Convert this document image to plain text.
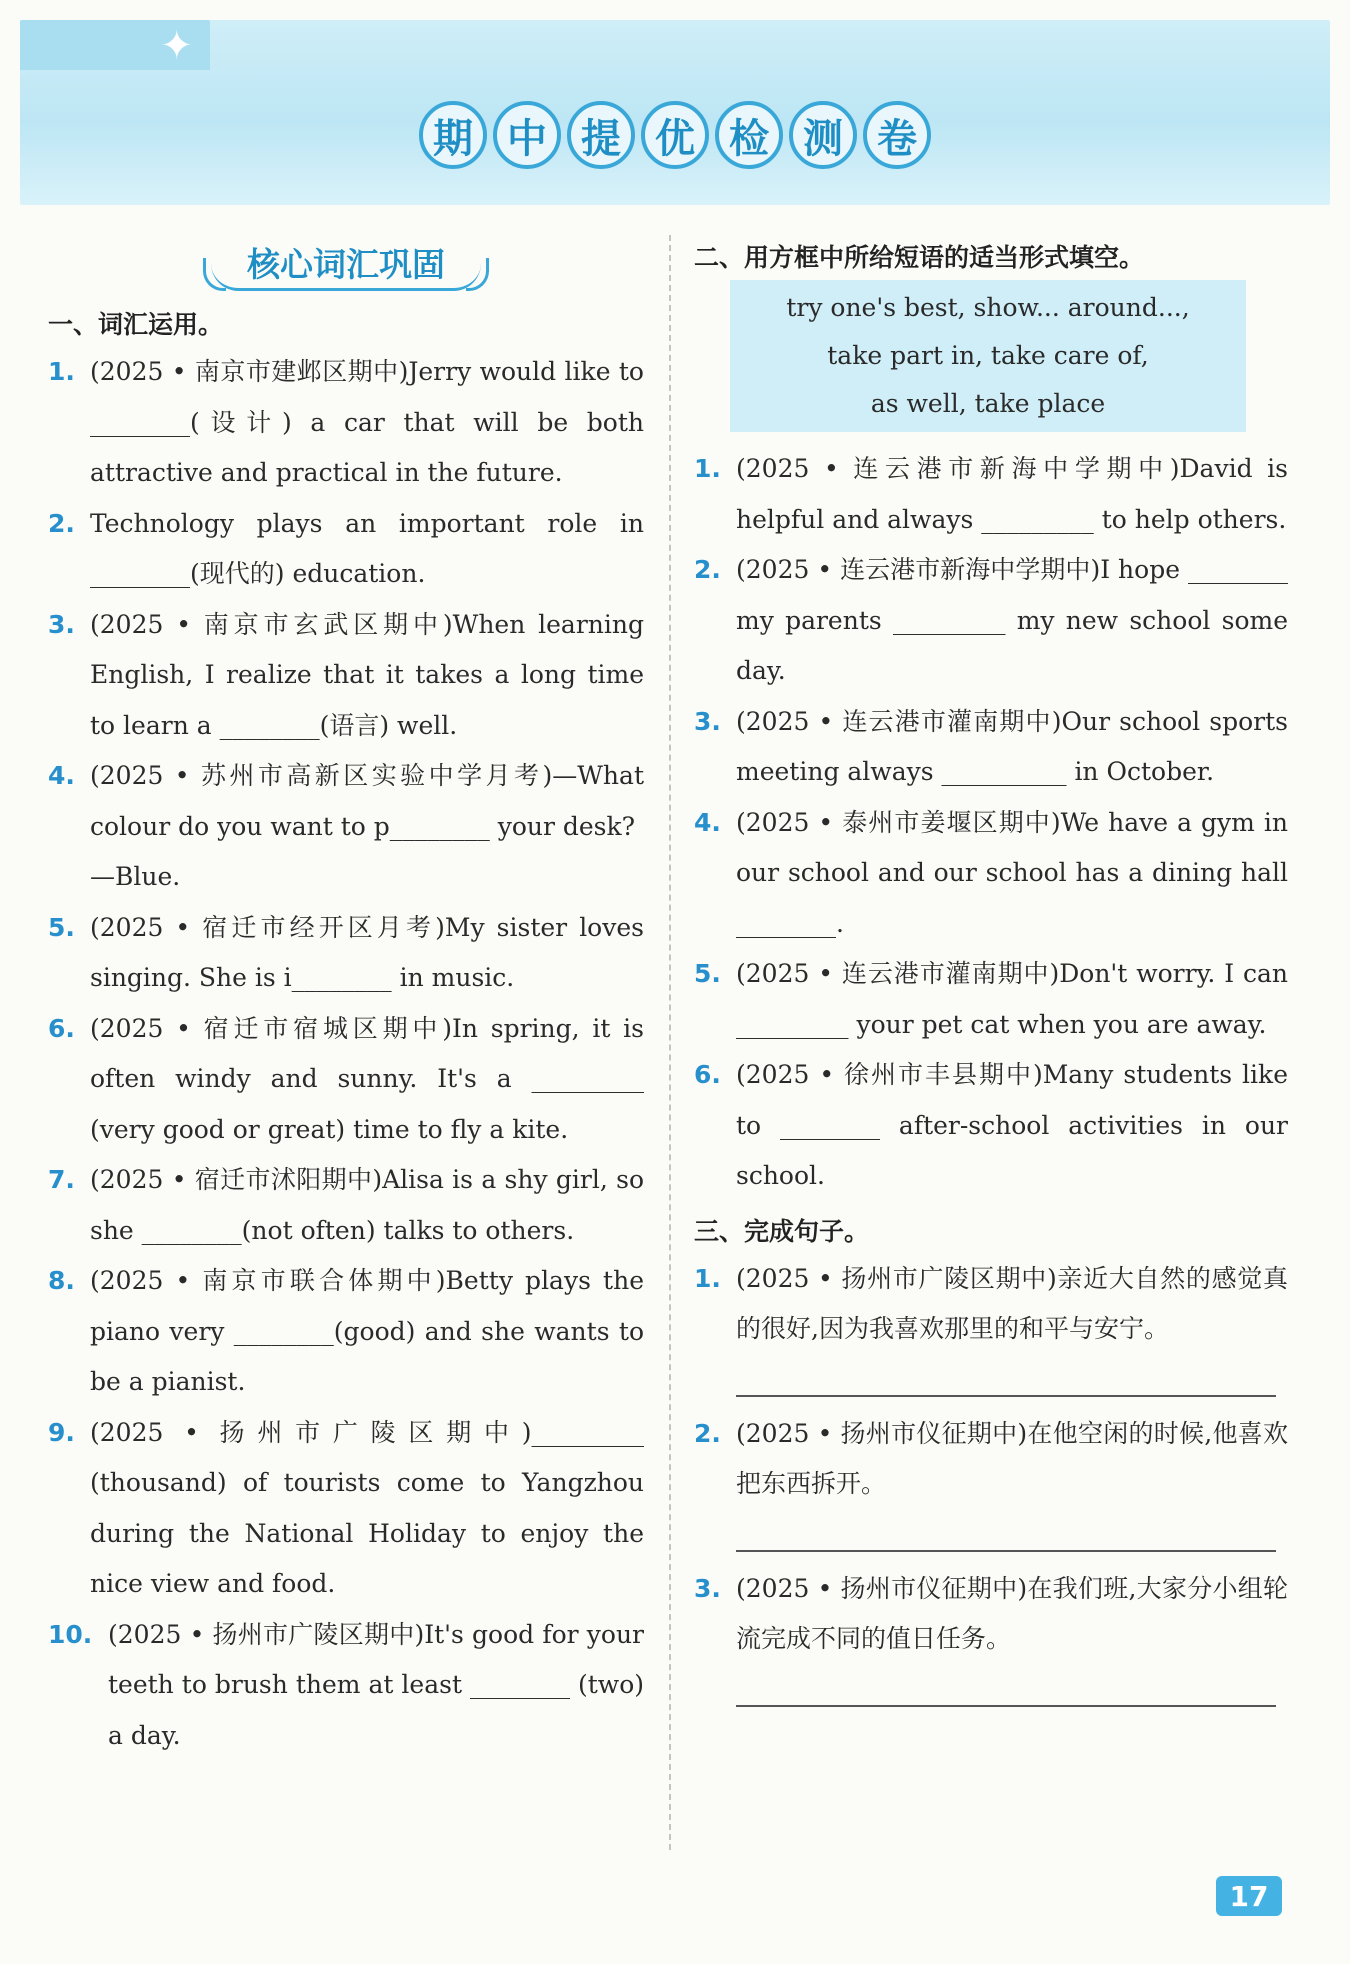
✦
期 中 提 优 检 测 卷
核心词汇巩固
一、词汇运用。
1. (2025 • 南京市建邺区期中)Jerry would like to ________(设计) a car that will be both attractive and practical in the future.
2. Technology plays an important role in ________(现代的) education.
3. (2025 • 南京市玄武区期中)When learning English, I realize that it takes a long time to learn a ________(语言) well.
4. (2025 • 苏州市高新区实验中学月考)—What colour do you want to p________ your desk?
—Blue.
5. (2025 • 宿迁市经开区月考)My sister loves singing. She is i________ in music.
6. (2025 • 宿迁市宿城区期中)In spring, it is often windy and sunny. It's a _________ (very good or great) time to fly a kite.
7. (2025 • 宿迁市沭阳期中)Alisa is a shy girl, so she ________(not often) talks to others.
8. (2025 • 南京市联合体期中)Betty plays the piano very ________(good) and she wants to be a pianist.
9. (2025 • 扬州市广陵区期中)_________ (thousand) of tourists come to Yangzhou during the National Holiday to enjoy the nice view and food.
10. (2025 • 扬州市广陵区期中)It's good for your teeth to brush them at least ________ (two) a day.
二、用方框中所给短语的适当形式填空。
try one's best, show... around...,
take part in, take care of,
as well, take place
1. (2025 • 连云港市新海中学期中)David is helpful and always _________ to help others.
2. (2025 • 连云港市新海中学期中)I hope ________ my parents _________ my new school some day.
3. (2025 • 连云港市灌南期中)Our school sports meeting always __________ in October.
4. (2025 • 泰州市姜堰区期中)We have a gym in our school and our school has a dining hall ________.
5. (2025 • 连云港市灌南期中)Don't worry. I can _________ your pet cat when you are away.
6. (2025 • 徐州市丰县期中)Many students like to ________ after-school activities in our school.
三、完成句子。
1. (2025 • 扬州市广陵区期中)亲近大自然的感觉真的很好,因为我喜欢那里的和平与安宁。
2. (2025 • 扬州市仪征期中)在他空闲的时候,他喜欢把东西拆开。
3. (2025 • 扬州市仪征期中)在我们班,大家分小组轮流完成不同的值日任务。
17
